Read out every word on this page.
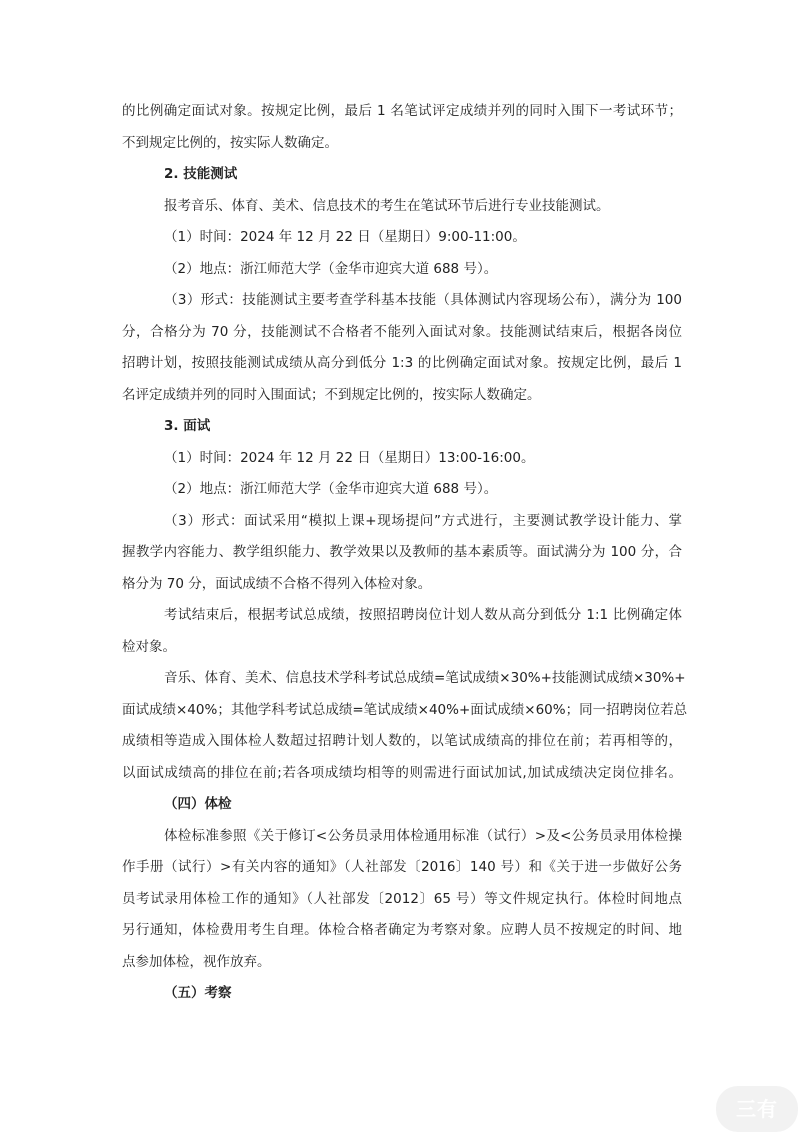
的比例确定面试对象。按规定比例，最后 1 名笔试评定成绩并列的同时入围下一考试环节；

不到规定比例的，按实际人数确定。

2. 技能测试

报考音乐、体育、美术、信息技术的考生在笔试环节后进行专业技能测试。

（1）时间：2024 年 12 月 22 日（星期日）9:00-11:00。

（2）地点：浙江师范大学（金华市迎宾大道 688 号）。

（3）形式：技能测试主要考查学科基本技能（具体测试内容现场公布），满分为 100

分，合格分为 70 分，技能测试不合格者不能列入面试对象。技能测试结束后，根据各岗位

招聘计划，按照技能测试成绩从高分到低分 1:3 的比例确定面试对象。按规定比例，最后 1

名评定成绩并列的同时入围面试；不到规定比例的，按实际人数确定。

3. 面试

（1）时间：2024 年 12 月 22 日（星期日）13:00-16:00。

（2）地点：浙江师范大学（金华市迎宾大道 688 号）。

（3）形式：面试采用“模拟上课+现场提问”方式进行，主要测试教学设计能力、掌

握教学内容能力、教学组织能力、教学效果以及教师的基本素质等。面试满分为 100 分，合

格分为 70 分，面试成绩不合格不得列入体检对象。

考试结束后，根据考试总成绩，按照招聘岗位计划人数从高分到低分 1:1 比例确定体

检对象。

音乐、体育、美术、信息技术学科考试总成绩=笔试成绩×30%+技能测试成绩×30%+

面试成绩×40%；其他学科考试总成绩=笔试成绩×40%+面试成绩×60%；同一招聘岗位若总

成绩相等造成入围体检人数超过招聘计划人数的，以笔试成绩高的排位在前；若再相等的，

以面试成绩高的排位在前;若各项成绩均相等的则需进行面试加试,加试成绩决定岗位排名。

（四）体检

体检标准参照《关于修订<公务员录用体检通用标准（试行）>及<公务员录用体检操

作手册（试行）>有关内容的通知》（人社部发〔2016〕140 号）和《关于进一步做好公务

员考试录用体检工作的通知》（人社部发〔2012〕65 号）等文件规定执行。体检时间地点

另行通知，体检费用考生自理。体检合格者确定为考察对象。应聘人员不按规定的时间、地

点参加体检，视作放弃。

（五）考察

三有
